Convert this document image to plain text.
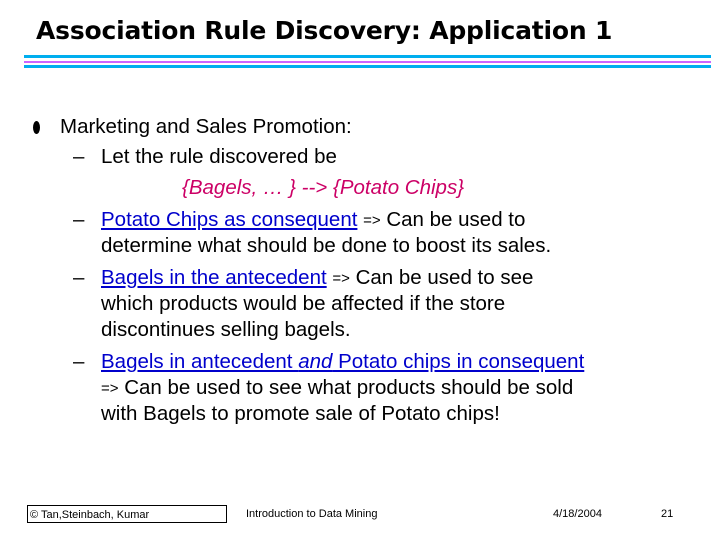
Association Rule Discovery: Application 1
Marketing and Sales Promotion:
– Let the rule discovered be
{Bagels, … } --> {Potato Chips}
– Potato Chips as consequent => Can be used to
determine what should be done to boost its sales.
– Bagels in the antecedent => Can be used to see
which products would be affected if the store
discontinues selling bagels.
– Bagels in antecedent and Potato chips in consequent
=> Can be used to see what products should be sold
with Bagels to promote sale of Potato chips!
© Tan,Steinbach, Kumar	Introduction to Data Mining	4/18/2004	21
